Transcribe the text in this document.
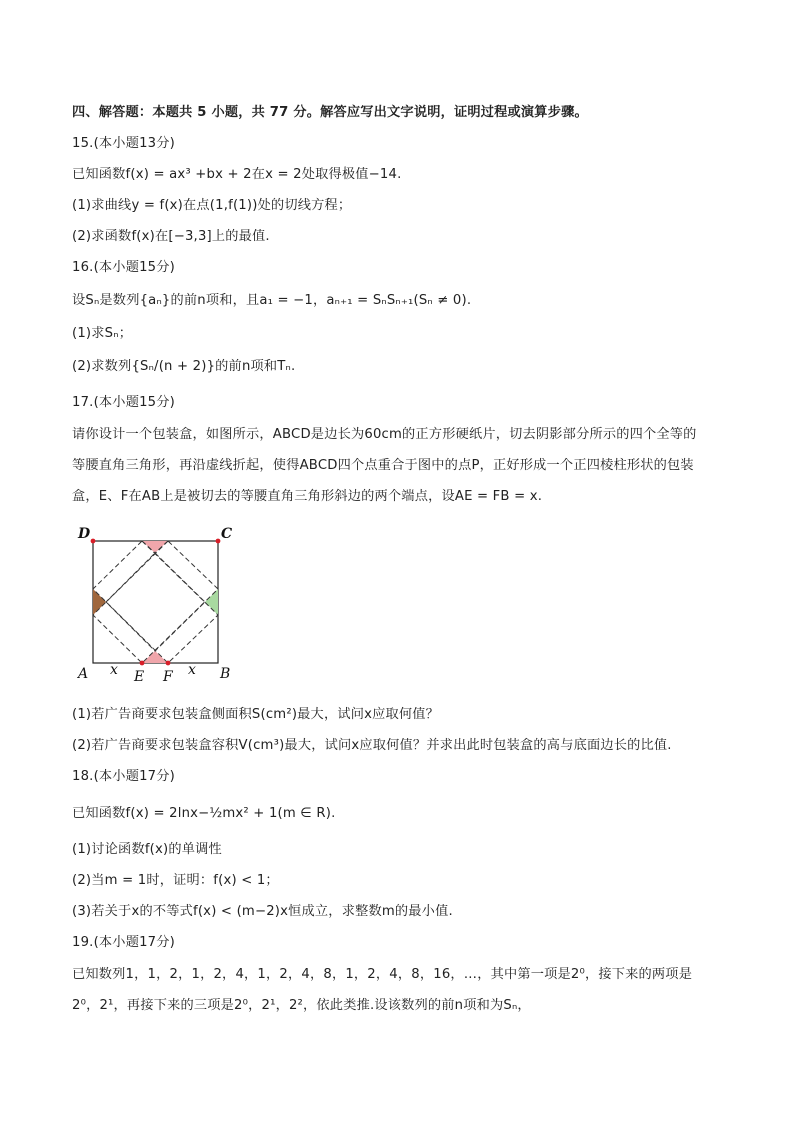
四、解答题：本题共 5 小题，共 77 分。解答应写出文字说明，证明过程或演算步骤。
15.(本小题13分)
已知函数f(x) = ax³ +bx + 2在x = 2处取得极值−14.
(1)求曲线y = f(x)在点(1,f(1))处的切线方程；
(2)求函数f(x)在[−3,3]上的最值.
16.(本小题15分)
设Sₙ是数列{aₙ}的前n项和，且a₁ = −1，aₙ₊₁ = SₙSₙ₊₁(Sₙ ≠ 0).
(1)求Sₙ；
(2)求数列{Sₙ/(n + 2)}的前n项和Tₙ.
17.(本小题15分)
请你设计一个包装盒，如图所示，ABCD是边长为60cm的正方形硬纸片，切去阴影部分所示的四个全等的
等腰直角三角形，再沿虚线折起，使得ABCD四个点重合于图中的点P，正好形成一个正四棱柱形状的包装
盒，E、F在AB上是被切去的等腰直角三角形斜边的两个端点，设AE = FB = x.
D	C
A	B
E F
x	x
(1)若广告商要求包装盒侧面积S(cm²)最大，试问x应取何值？
(2)若广告商要求包装盒容积V(cm³)最大，试问x应取何值？并求出此时包装盒的高与底面边长的比值.
18.(本小题17分)
已知函数f(x) = 2lnx−½mx² + 1(m ∈ R).
(1)讨论函数f(x)的单调性
(2)当m = 1时，证明：f(x) < 1；
(3)若关于x的不等式f(x) < (m−2)x恒成立，求整数m的最小值.
19.(本小题17分)
已知数列1，1，2，1，2，4，1，2，4，8，1，2，4，8，16，…，其中第一项是2⁰，接下来的两项是
2⁰，2¹，再接下来的三项是2⁰，2¹，2²，依此类推.设该数列的前n项和为Sₙ，
